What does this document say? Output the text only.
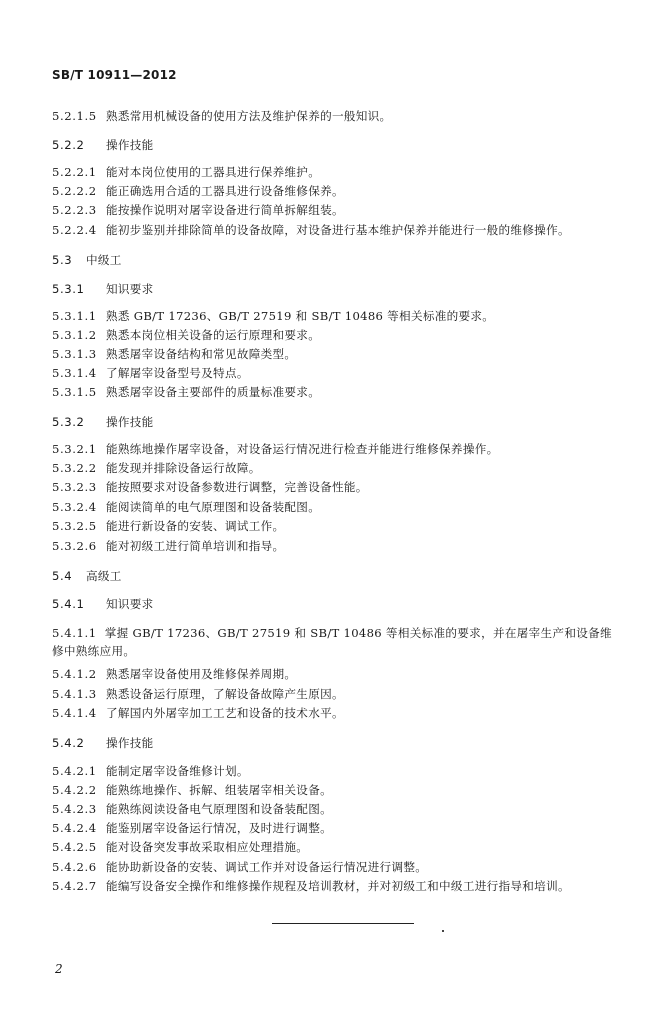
SB/T 10911—2012
5.2.1.5 熟悉常用机械设备的使用方法及维护保养的一般知识。
5.2.2 操作技能
5.2.2.1 能对本岗位使用的工器具进行保养维护。
5.2.2.2 能正确选用合适的工器具进行设备维修保养。
5.2.2.3 能按操作说明对屠宰设备进行简单拆解组装。
5.2.2.4 能初步鉴别并排除简单的设备故障，对设备进行基本维护保养并能进行一般的维修操作。
5.3 中级工
5.3.1 知识要求
5.3.1.1 熟悉 GB/T 17236、GB/T 27519 和 SB/T 10486 等相关标准的要求。
5.3.1.2 熟悉本岗位相关设备的运行原理和要求。
5.3.1.3 熟悉屠宰设备结构和常见故障类型。
5.3.1.4 了解屠宰设备型号及特点。
5.3.1.5 熟悉屠宰设备主要部件的质量标准要求。
5.3.2 操作技能
5.3.2.1 能熟练地操作屠宰设备，对设备运行情况进行检查并能进行维修保养操作。
5.3.2.2 能发现并排除设备运行故障。
5.3.2.3 能按照要求对设备参数进行调整，完善设备性能。
5.3.2.4 能阅读简单的电气原理图和设备装配图。
5.3.2.5 能进行新设备的安装、调试工作。
5.3.2.6 能对初级工进行简单培训和指导。
5.4 高级工
5.4.1 知识要求
5.4.1.1 掌握 GB/T 17236、GB/T 27519 和 SB/T 10486 等相关标准的要求，并在屠宰生产和设备维修中熟练应用。
5.4.1.2 熟悉屠宰设备使用及维修保养周期。
5.4.1.3 熟悉设备运行原理，了解设备故障产生原因。
5.4.1.4 了解国内外屠宰加工工艺和设备的技术水平。
5.4.2 操作技能
5.4.2.1 能制定屠宰设备维修计划。
5.4.2.2 能熟练地操作、拆解、组装屠宰相关设备。
5.4.2.3 能熟练阅读设备电气原理图和设备装配图。
5.4.2.4 能鉴别屠宰设备运行情况，及时进行调整。
5.4.2.5 能对设备突发事故采取相应处理措施。
5.4.2.6 能协助新设备的安装、调试工作并对设备运行情况进行调整。
5.4.2.7 能编写设备安全操作和维修操作规程及培训教材，并对初级工和中级工进行指导和培训。
2
